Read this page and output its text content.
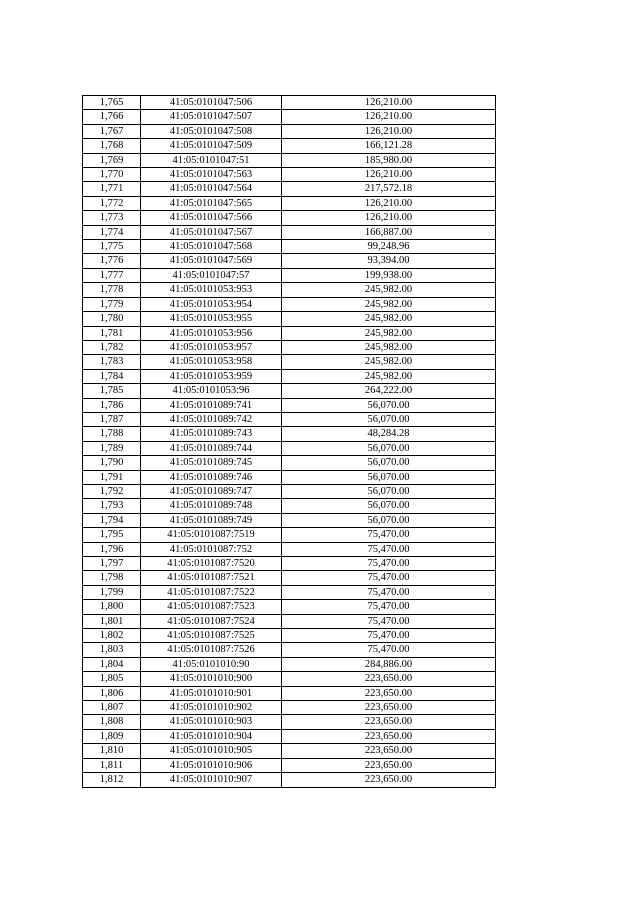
1,765	41:05:0101047:506	126,210.00
1,766	41:05:0101047:507	126,210.00
1,767	41:05:0101047:508	126,210.00
1,768	41:05:0101047:509	166,121.28
1,769	41:05:0101047:51	185,980.00
1,770	41:05:0101047:563	126,210.00
1,771	41:05:0101047:564	217,572.18
1,772	41:05:0101047:565	126,210.00
1,773	41:05:0101047:566	126,210.00
1,774	41:05:0101047:567	166,887.00
1,775	41:05:0101047:568	99,248.96
1,776	41:05:0101047:569	93,394.00
1,777	41:05:0101047:57	199,938.00
1,778	41:05:0101053:953	245,982.00
1,779	41:05:0101053:954	245,982.00
1,780	41:05:0101053:955	245,982.00
1,781	41:05:0101053:956	245,982.00
1,782	41:05:0101053:957	245,982.00
1,783	41:05:0101053:958	245,982.00
1,784	41:05:0101053:959	245,982.00
1,785	41:05:0101053:96	264,222.00
1,786	41:05:0101089:741	56,070.00
1,787	41:05:0101089:742	56,070.00
1,788	41:05:0101089:743	48,284.28
1,789	41:05:0101089:744	56,070.00
1,790	41:05:0101089:745	56,070.00
1,791	41:05:0101089:746	56,070.00
1,792	41:05:0101089:747	56,070.00
1,793	41:05:0101089:748	56,070.00
1,794	41:05:0101089:749	56,070.00
1,795	41:05:0101087:7519	75,470.00
1,796	41:05:0101087:752	75,470.00
1,797	41:05:0101087:7520	75,470.00
1,798	41:05:0101087:7521	75,470.00
1,799	41:05:0101087:7522	75,470.00
1,800	41:05:0101087:7523	75,470.00
1,801	41:05:0101087:7524	75,470.00
1,802	41:05:0101087:7525	75,470.00
1,803	41:05:0101087:7526	75,470.00
1,804	41:05:0101010:90	284,886.00
1,805	41:05:0101010:900	223,650.00
1,806	41:05:0101010:901	223,650.00
1,807	41:05:0101010:902	223,650.00
1,808	41:05:0101010:903	223,650.00
1,809	41:05:0101010:904	223,650.00
1,810	41:05:0101010:905	223,650.00
1,811	41:05:0101010:906	223,650.00
1,812	41:05:0101010:907	223,650.00
